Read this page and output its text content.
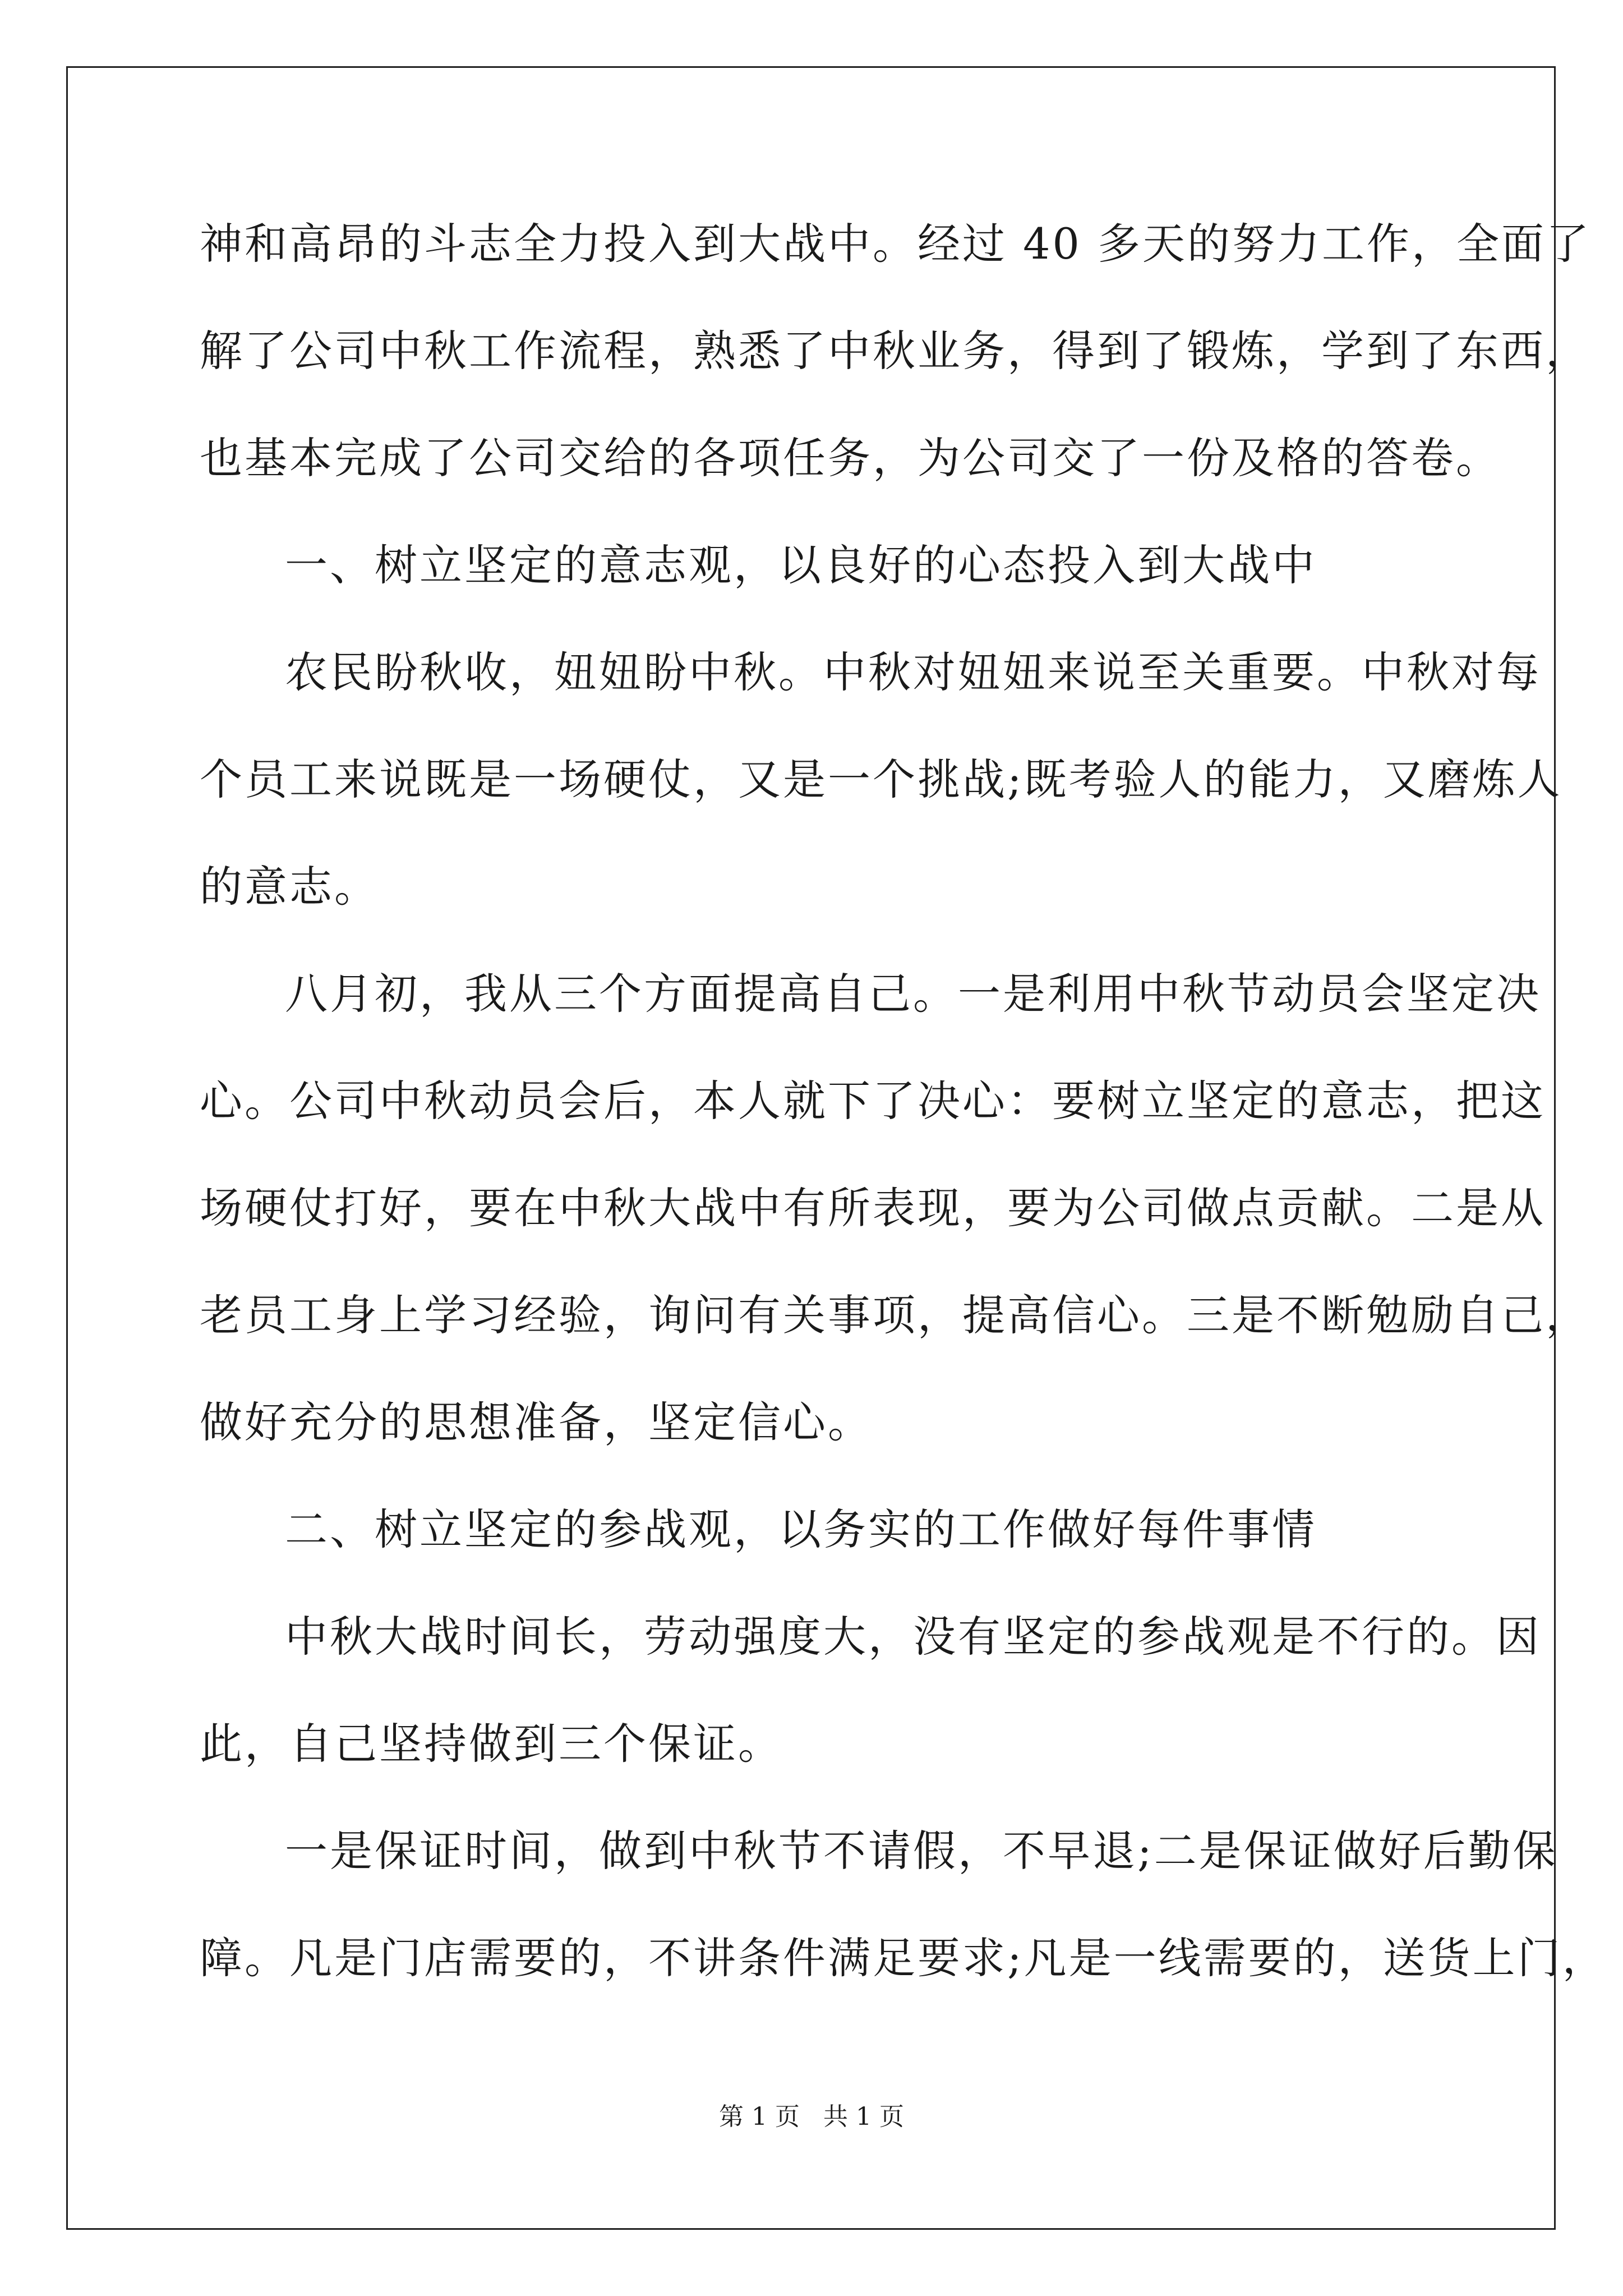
神和高昂的斗志全力投入到大战中。经过 40 多天的努力工作，全面了
解了公司中秋工作流程，熟悉了中秋业务，得到了锻炼，学到了东西，
也基本完成了公司交给的各项任务，为公司交了一份及格的答卷。
一、树立坚定的意志观，以良好的心态投入到大战中
农民盼秋收，妞妞盼中秋。中秋对妞妞来说至关重要。中秋对每
个员工来说既是一场硬仗，又是一个挑战;既考验人的能力，又磨炼人
的意志。
八月初，我从三个方面提高自己。一是利用中秋节动员会坚定决
心。公司中秋动员会后，本人就下了决心：要树立坚定的意志，把这
场硬仗打好，要在中秋大战中有所表现，要为公司做点贡献。二是从
老员工身上学习经验，询问有关事项，提高信心。三是不断勉励自己，
做好充分的思想准备，坚定信心。
二、树立坚定的参战观，以务实的工作做好每件事情
中秋大战时间长，劳动强度大，没有坚定的参战观是不行的。因
此，自己坚持做到三个保证。
一是保证时间，做到中秋节不请假，不早退;二是保证做好后勤保
障。凡是门店需要的，不讲条件满足要求;凡是一线需要的，送货上门，
第 1 页   共 1 页
